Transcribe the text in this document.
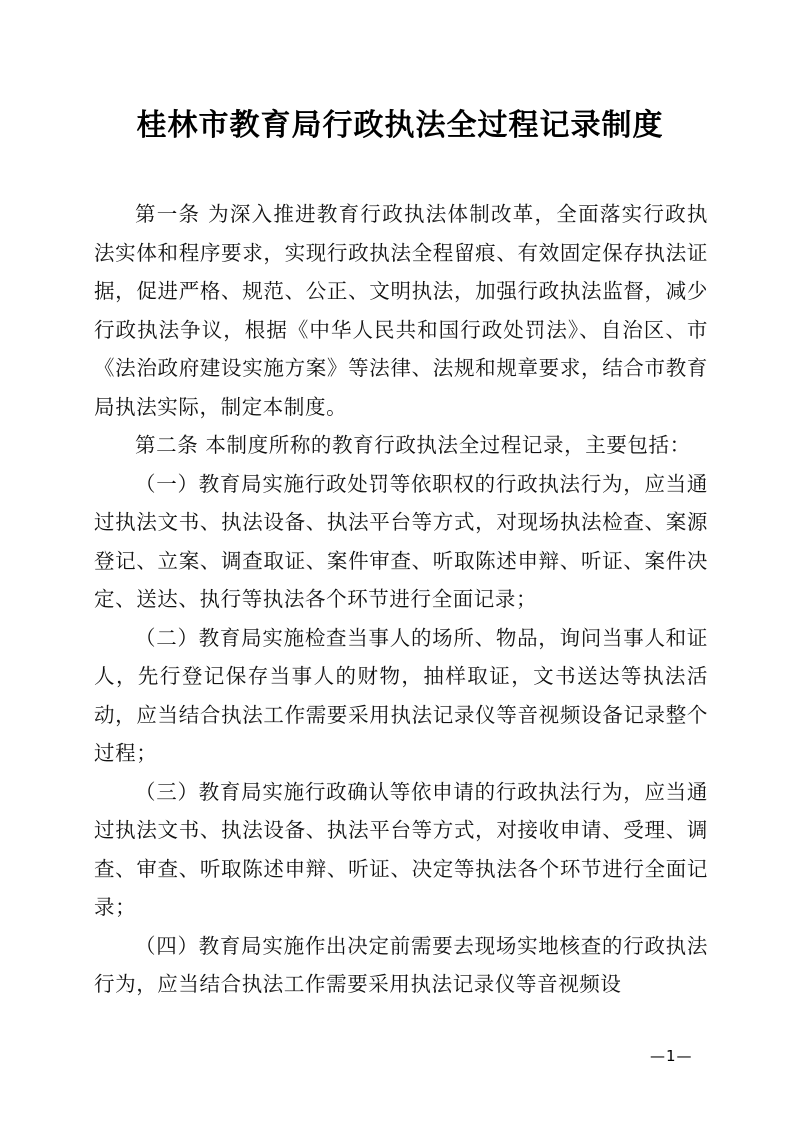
桂林市教育局行政执法全过程记录制度

第一条 为深入推进教育行政执法体制改革，全面落实行政执法实体和程序要求，实现行政执法全程留痕、有效固定保存执法证据，促进严格、规范、公正、文明执法，加强行政执法监督，减少行政执法争议，根据《中华人民共和国行政处罚法》、自治区、市《法治政府建设实施方案》等法律、法规和规章要求，结合市教育局执法实际，制定本制度。

第二条 本制度所称的教育行政执法全过程记录，主要包括：

（一）教育局实施行政处罚等依职权的行政执法行为，应当通过执法文书、执法设备、执法平台等方式，对现场执法检查、案源登记、立案、调查取证、案件审查、听取陈述申辩、听证、案件决定、送达、执行等执法各个环节进行全面记录；

（二）教育局实施检查当事人的场所、物品，询问当事人和证人，先行登记保存当事人的财物，抽样取证，文书送达等执法活动，应当结合执法工作需要采用执法记录仪等音视频设备记录整个过程；

（三）教育局实施行政确认等依申请的行政执法行为，应当通过执法文书、执法设备、执法平台等方式，对接收申请、受理、调查、审查、听取陈述申辩、听证、决定等执法各个环节进行全面记录；

（四）教育局实施作出决定前需要去现场实地核查的行政执法行为，应当结合执法工作需要采用执法记录仪等音视频设

—1—
